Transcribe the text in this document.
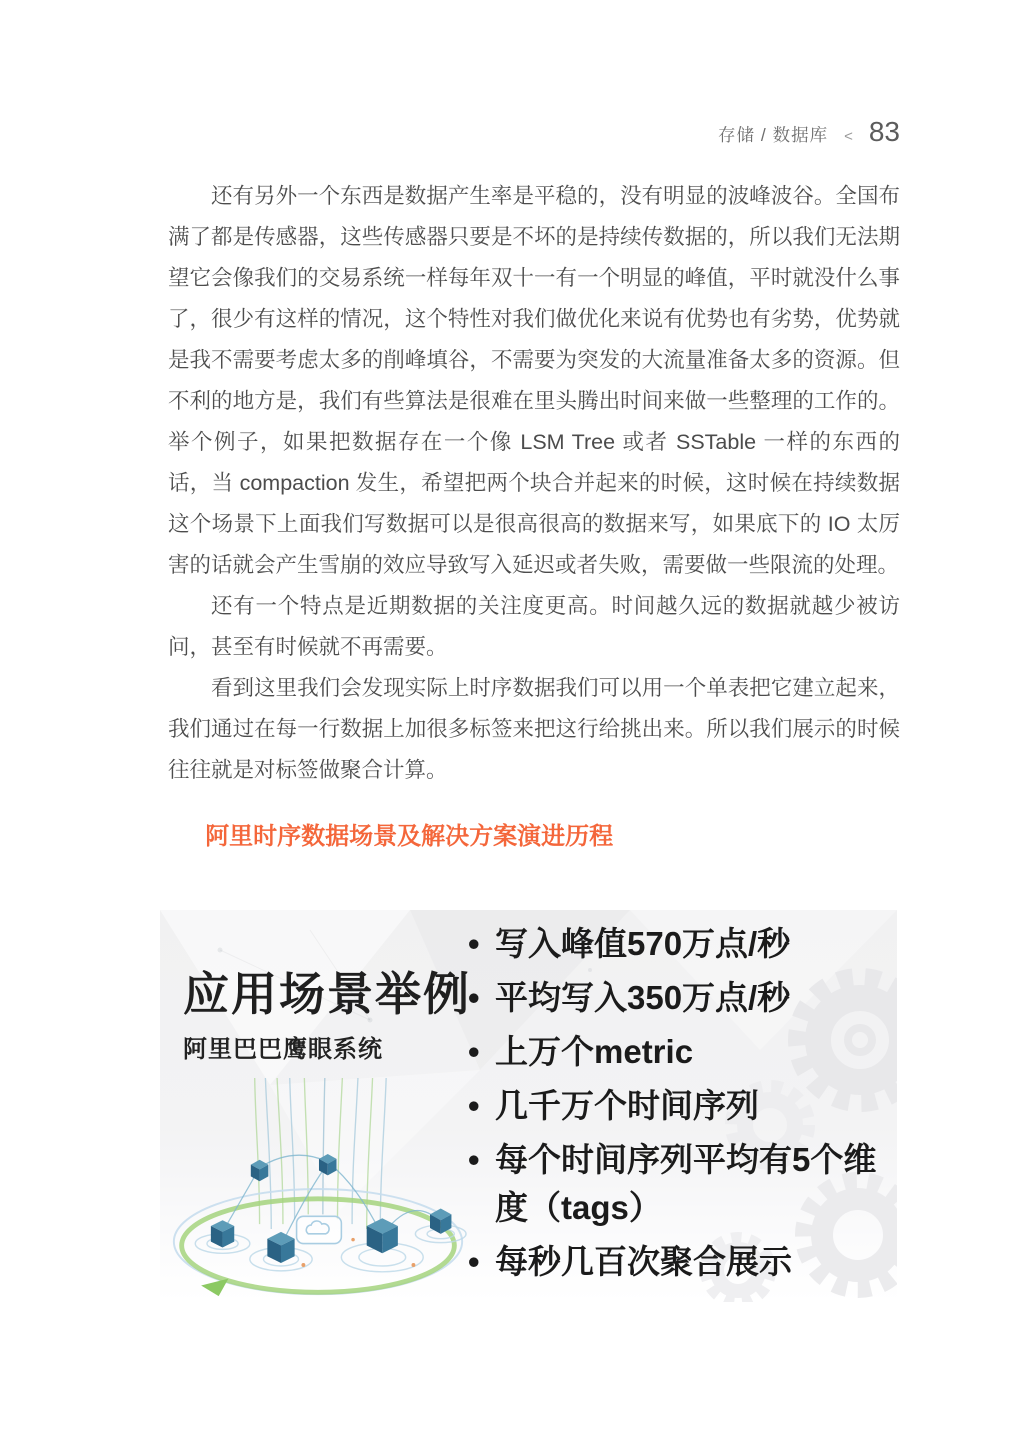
存储 / 数据库 < 83

还有另外一个东西是数据产生率是平稳的，没有明显的波峰波谷。全国布满了都是传感器，这些传感器只要是不坏的是持续传数据的，所以我们无法期望它会像我们的交易系统一样每年双十一有一个明显的峰值，平时就没什么事了，很少有这样的情况，这个特性对我们做优化来说有优势也有劣势，优势就是我不需要考虑太多的削峰填谷，不需要为突发的大流量准备太多的资源。但不利的地方是，我们有些算法是很难在里头腾出时间来做一些整理的工作的。举个例子，如果把数据存在一个像 LSM Tree 或者 SSTable 一样的东西的话，当 compaction 发生，希望把两个块合并起来的时候，这时候在持续数据这个场景下上面我们写数据可以是很高很高的数据来写，如果底下的 IO 太厉害的话就会产生雪崩的效应导致写入延迟或者失败，需要做一些限流的处理。

还有一个特点是近期数据的关注度更高。时间越久远的数据就越少被访问，甚至有时候就不再需要。

看到这里我们会发现实际上时序数据我们可以用一个单表把它建立起来，我们通过在每一行数据上加很多标签来把这行给挑出来。所以我们展示的时候往往就是对标签做聚合计算。

阿里时序数据场景及解决方案演进历程
应用场景举例
阿里巴巴鹰眼系统
• 写入峰值570万点/秒
• 平均写入350万点/秒
• 上万个metric
• 几千万个时间序列
• 每个时间序列平均有5个维度（tags）
• 每秒几百次聚合展示
